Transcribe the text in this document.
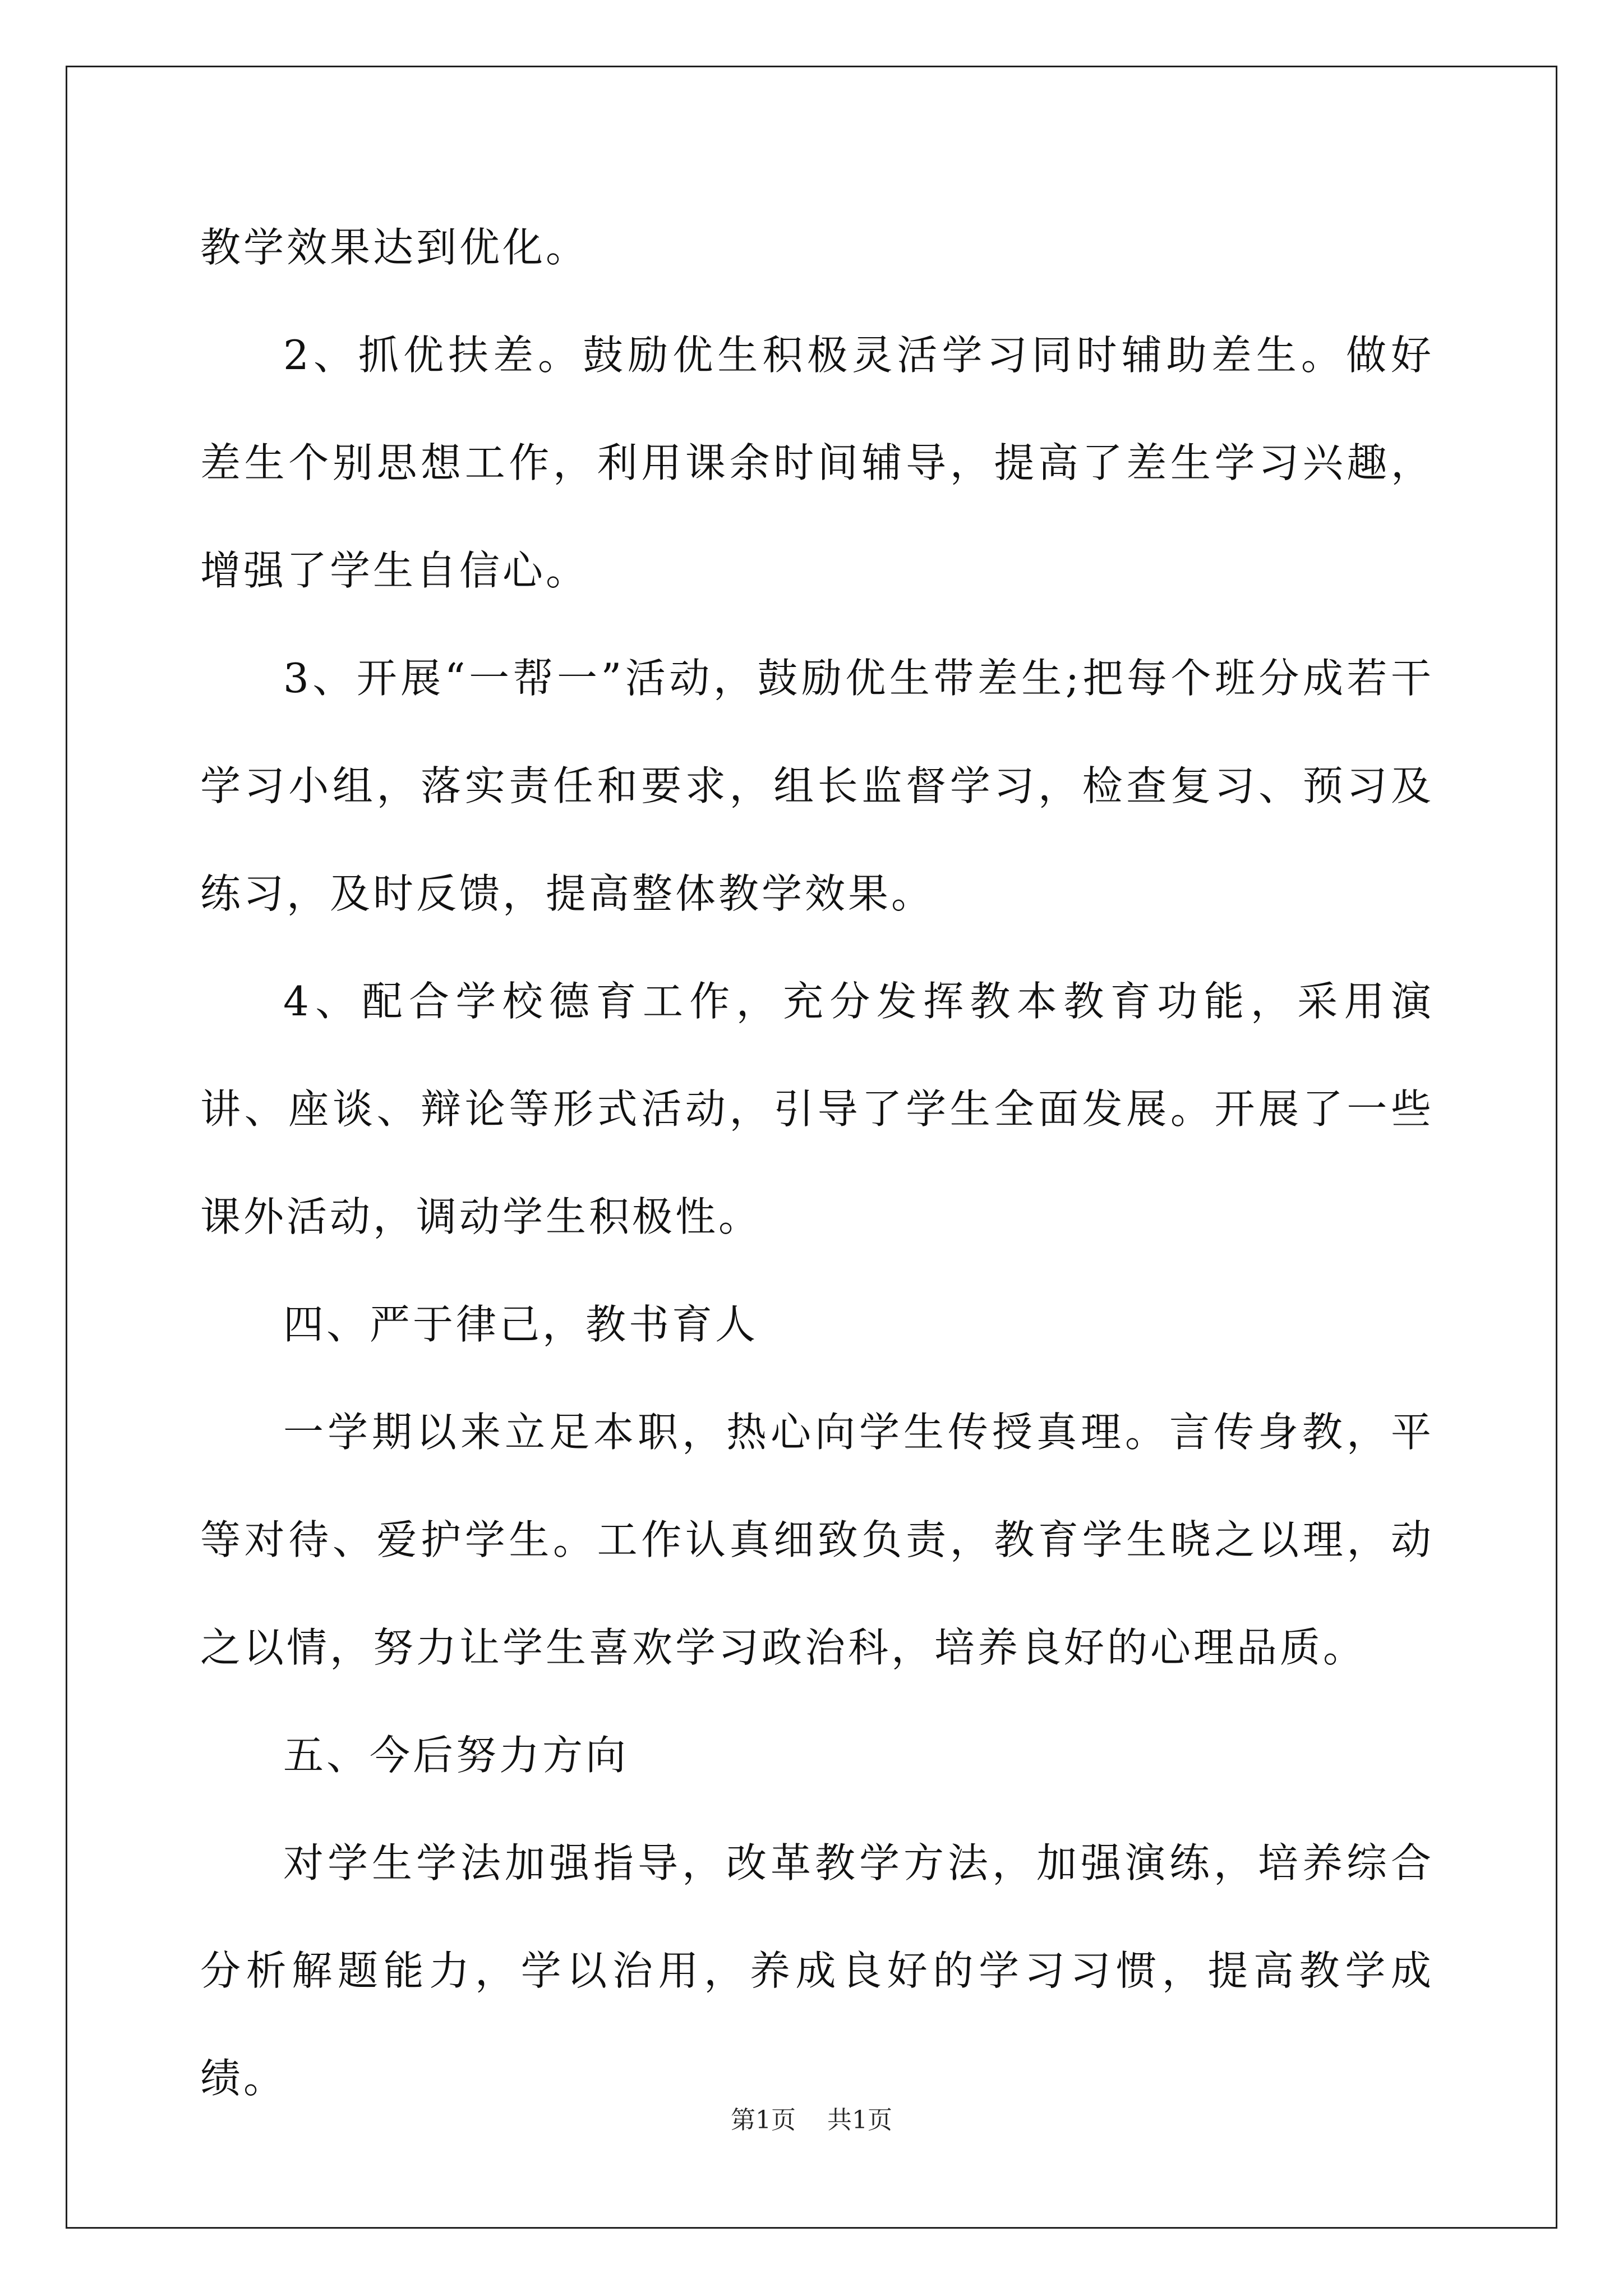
教学效果达到优化。

2、抓优扶差。鼓励优生积极灵活学习同时辅助差生。做好差生个别思想工作，利用课余时间辅导，提高了差生学习兴趣，增强了学生自信心。

3、开展“一帮一”活动，鼓励优生带差生;把每个班分成若干学习小组，落实责任和要求，组长监督学习，检查复习、预习及练习，及时反馈，提高整体教学效果。

4、配合学校德育工作，充分发挥教本教育功能，采用演讲、座谈、辩论等形式活动，引导了学生全面发展。开展了一些课外活动，调动学生积极性。

四、严于律己，教书育人

一学期以来立足本职，热心向学生传授真理。言传身教，平等对待、爱护学生。工作认真细致负责，教育学生晓之以理，动之以情，努力让学生喜欢学习政治科，培养良好的心理品质。

五、今后努力方向

对学生学法加强指导，改革教学方法，加强演练，培养综合分析解题能力，学以治用，养成良好的学习习惯，提高教学成绩。

第1页 共1页
